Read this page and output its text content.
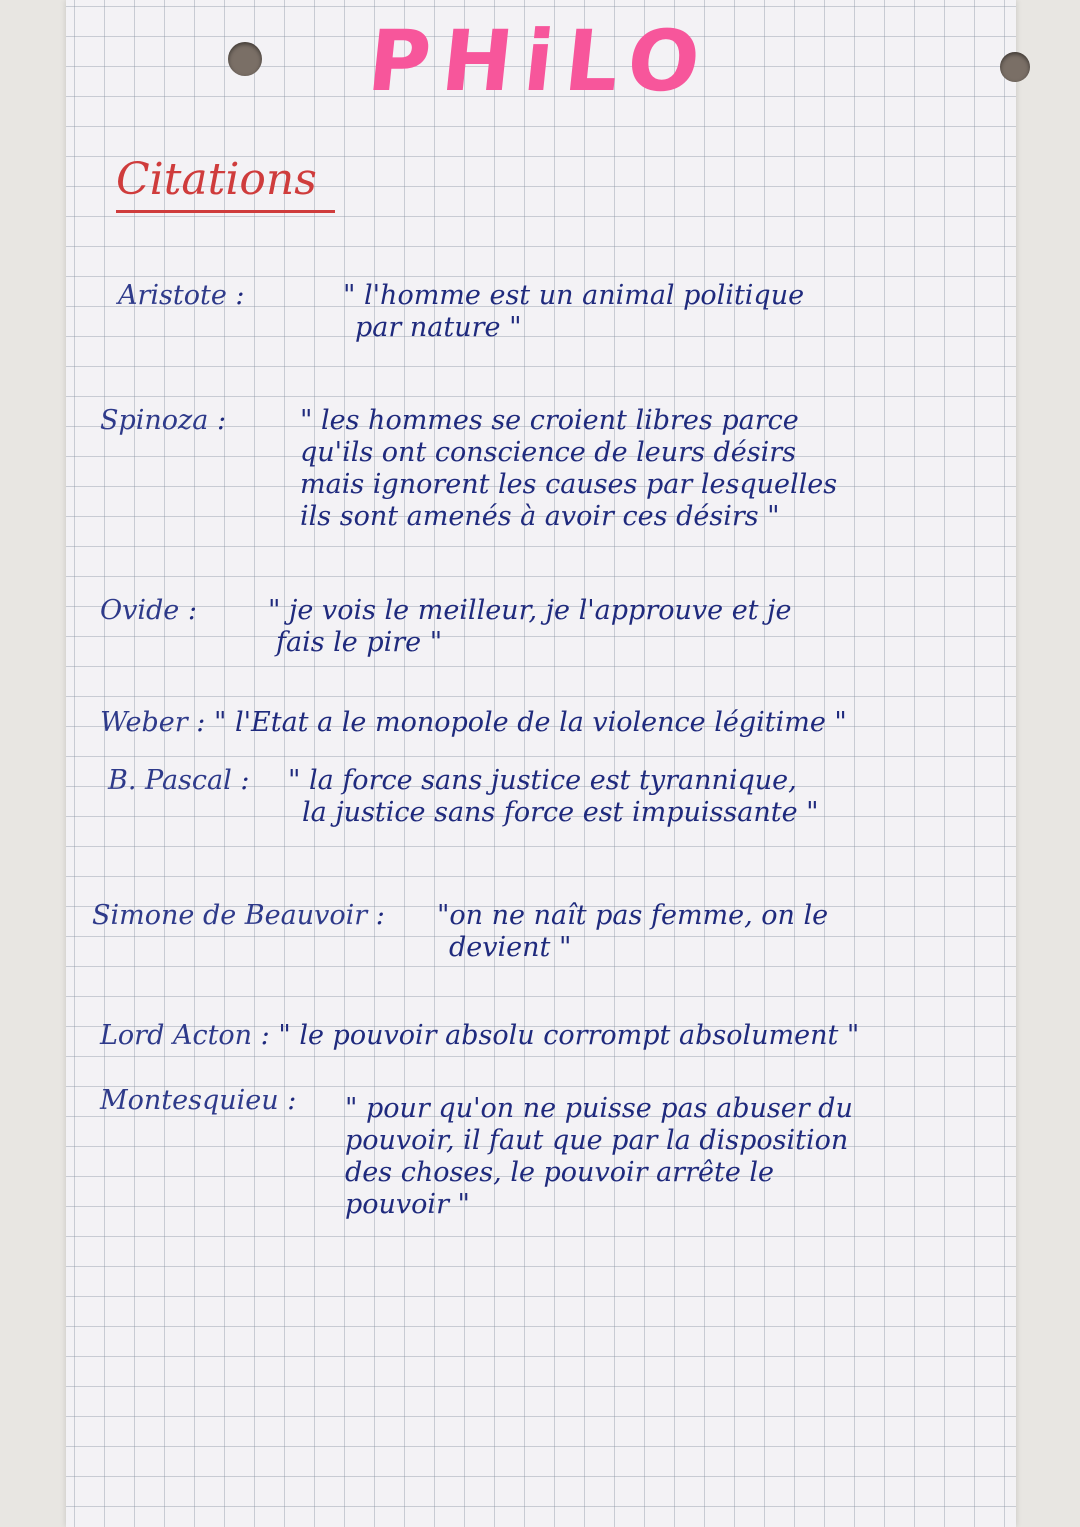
PHiLO
Citations
Aristote :	" l'homme est un animal politique
par nature "
Spinoza :	" les hommes se croient libres parce
qu'ils ont conscience de leurs désirs
mais ignorent les causes par lesquelles
ils sont amenés à avoir ces désirs "
Ovide :	" je vois le meilleur, je l'approuve et je
fais le pire "
Weber : " l'Etat a le monopole de la violence légitime "
B. Pascal : " la force sans justice est tyrannique,
la justice sans force est impuissante "
Simone de Beauvoir : "on ne naît pas femme, on le
devient "
Lord Acton : " le pouvoir absolu corrompt absolument "
Montesquieu : " pour qu'on ne puisse pas abuser du
pouvoir, il faut que par la disposition
des choses, le pouvoir arrête le
pouvoir "
